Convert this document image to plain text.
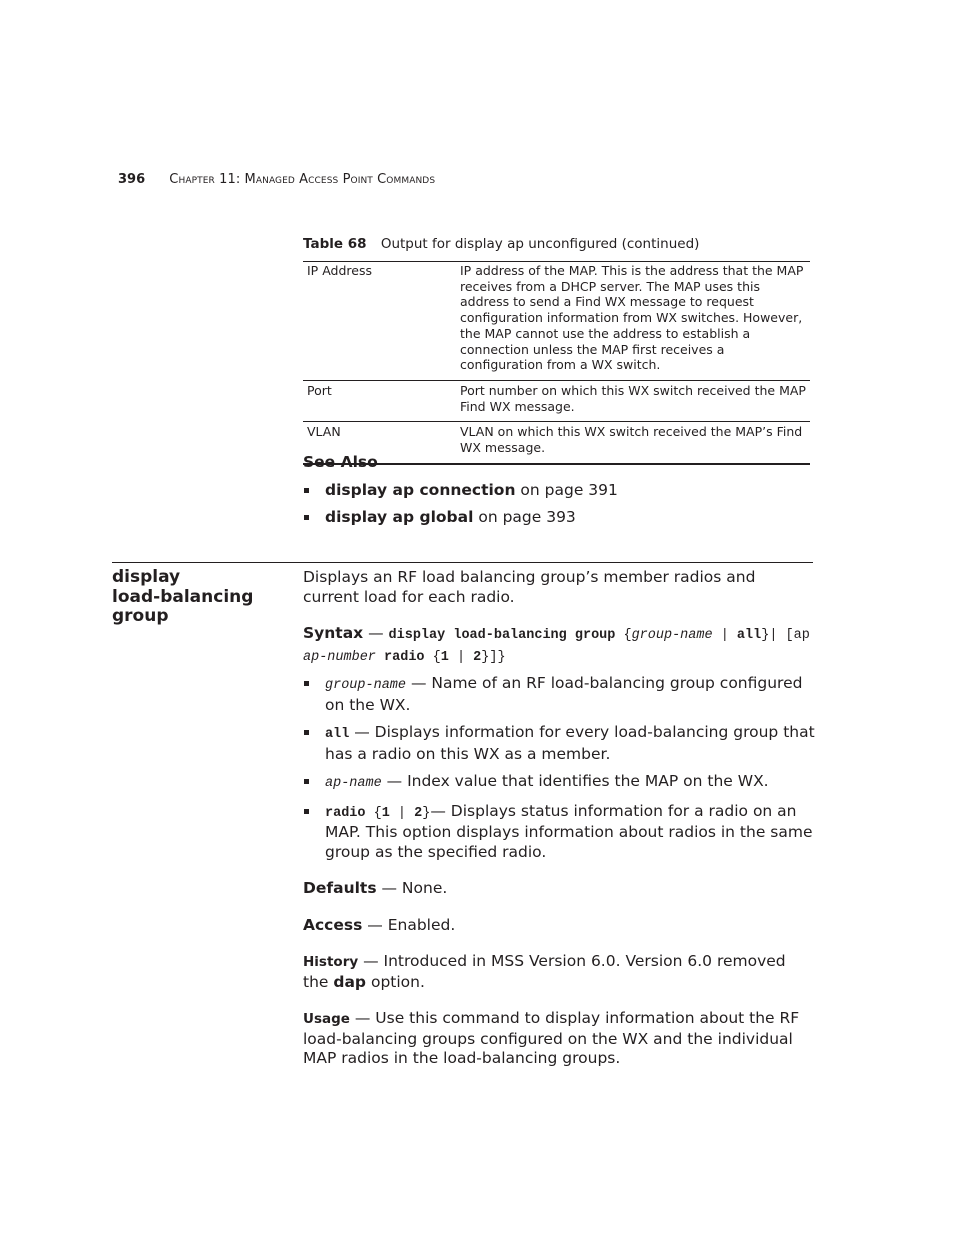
396 Chapter 11: Managed Access Point Commands
Table 68 Output for display ap unconfigured (continued)
IP Address	IP address of the MAP. This is the address that the MAP receives from a DHCP server. The MAP uses this address to send a Find WX message to request configuration information from WX switches. However, the MAP cannot use the address to establish a connection unless the MAP first receives a configuration from a WX switch.
Port	Port number on which this WX switch received the MAP Find WX message.
VLAN	VLAN on which this WX switch received the MAP’s Find WX message.
See Also
display ap connection on page 391
display ap global on page 393
display
load-balancing
group

Displays an RF load balancing group’s member radios and current load for each radio.

Syntax — display load-balancing group {group-name | all}| [ap ap-number radio {1 | 2}]}

group-name — Name of an RF load-balancing group configured on the WX.
all — Displays information for every load-balancing group that has a radio on this WX as a member.
ap-name — Index value that identifies the MAP on the WX.
radio {1 | 2}— Displays status information for a radio on an MAP. This option displays information about radios in the same group as the specified radio.

Defaults — None.

Access — Enabled.

History — Introduced in MSS Version 6.0. Version 6.0 removed the dap option.

Usage — Use this command to display information about the RF load-balancing groups configured on the WX and the individual MAP radios in the load-balancing groups.
